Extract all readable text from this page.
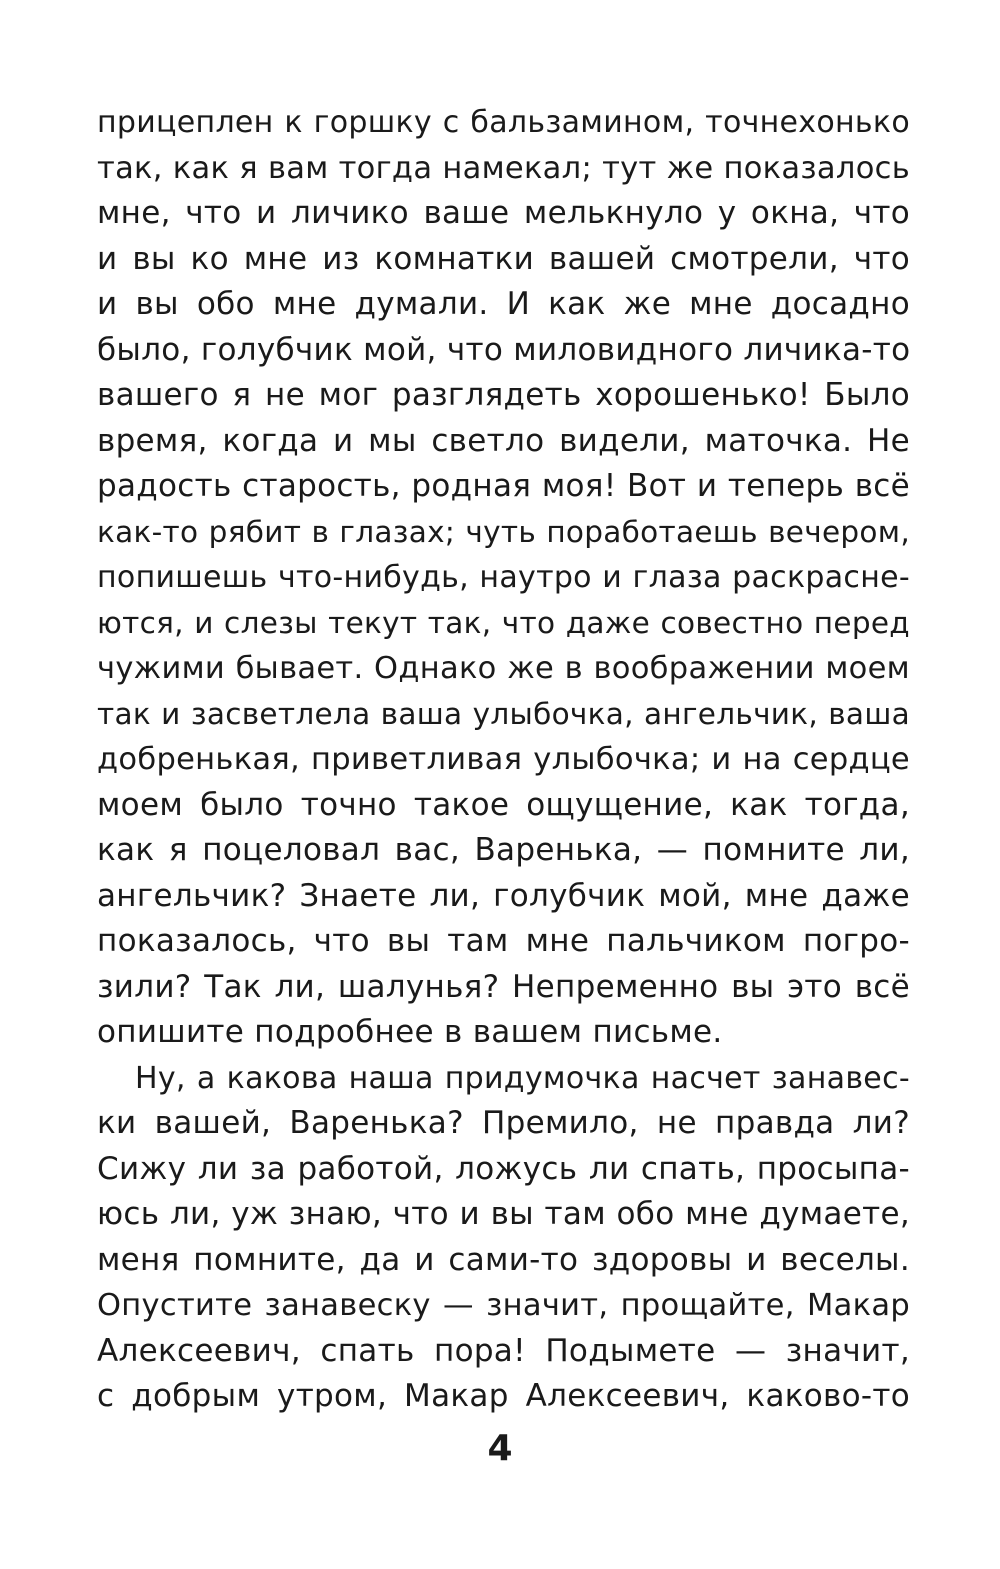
прицеплен к горшку с бальзамином, точнехонько
так, как я вам тогда намекал; тут же показалось
мне, что и личико ваше мелькнуло у окна, что
и вы ко мне из комнатки вашей смотрели, что
и вы обо мне думали. И как же мне досадно
было, голубчик мой, что миловидного личика-то
вашего я не мог разглядеть хорошенько! Было
время, когда и мы светло видели, маточка. Не
радость старость, родная моя! Вот и теперь всё
как-то рябит в глазах; чуть поработаешь вечером,
попишешь что-нибудь, наутро и глаза раскрасне-
ются, и слезы текут так, что даже совестно перед
чужими бывает. Однако же в воображении моем
так и засветлела ваша улыбочка, ангельчик, ваша
добренькая, приветливая улыбочка; и на сердце
моем было точно такое ощущение, как тогда,
как я поцеловал вас, Варенька, — помните ли,
ангельчик? Знаете ли, голубчик мой, мне даже
показалось, что вы там мне пальчиком погро-
зили? Так ли, шалунья? Непременно вы это всё
опишите подробнее в вашем письме.
Ну, а какова наша придумочка насчет занавес-
ки вашей, Варенька? Премило, не правда ли?
Сижу ли за работой, ложусь ли спать, просыпа-
юсь ли, уж знаю, что и вы там обо мне думаете,
меня помните, да и сами-то здоровы и веселы.
Опустите занавеску — значит, прощайте, Макар
Алексеевич, спать пора! Подымете — значит,
с добрым утром, Макар Алексеевич, каково-то
4
